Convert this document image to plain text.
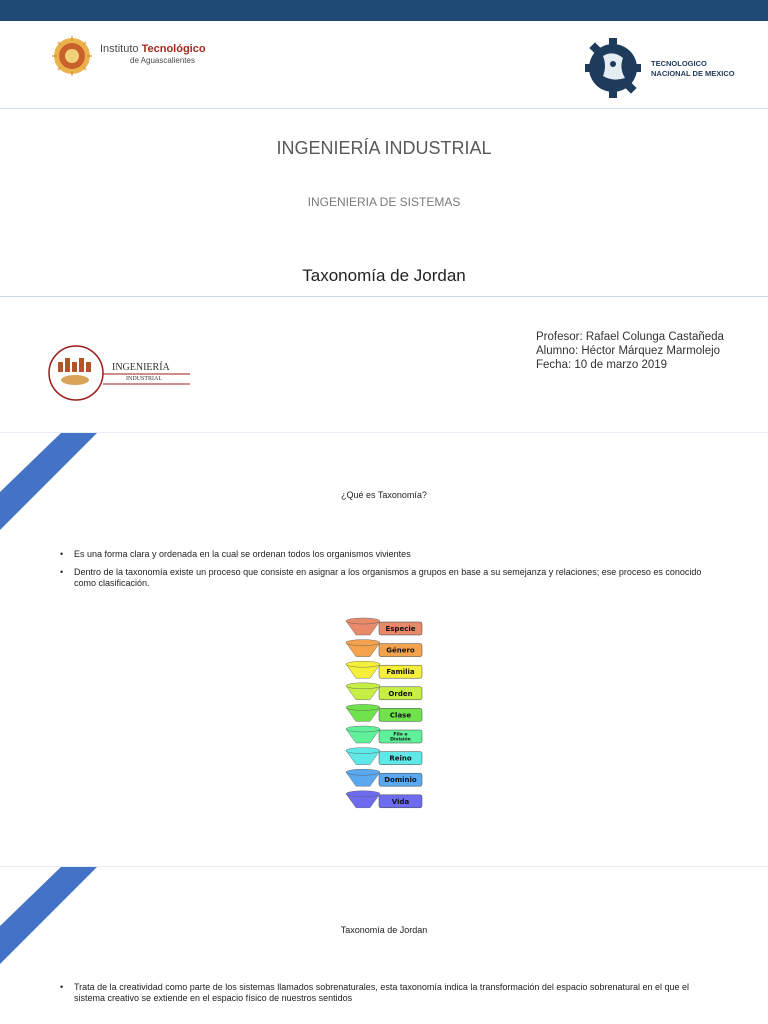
Instituto Tecnológico
de Aguascalientes	TECNOLOGICO
NACIONAL DE MEXICO
INGENIERÍA INDUSTRIAL
INGENIERIA DE SISTEMAS
Taxonomía de Jordan
INGENIERÍA
INDUSTRIAL
Profesor: Rafael Colunga Castañeda
Alumno: Héctor Márquez Marmolejo
Fecha: 10 de marzo 2019
¿Qué es Taxonomía?
• Es una forma clara y ordenada en la cual se ordenan todos los organismos vivientes
• Dentro de la taxonomía existe un proceso que consiste en asignar a los organismos a grupos en base a su semejanza y relaciones; ese proceso es conocido como clasificación.
Especie
Género
Familia
Orden
Clase
Filo o División
Reino
Dominio
Vida
Taxonomía de Jordan
• Trata de la creatividad como parte de los sistemas llamados sobrenaturales, esta taxonomía indica la transformación del espacio sobrenatural en el que el sistema creativo se extiende en el espacio físico de nuestros sentidos
